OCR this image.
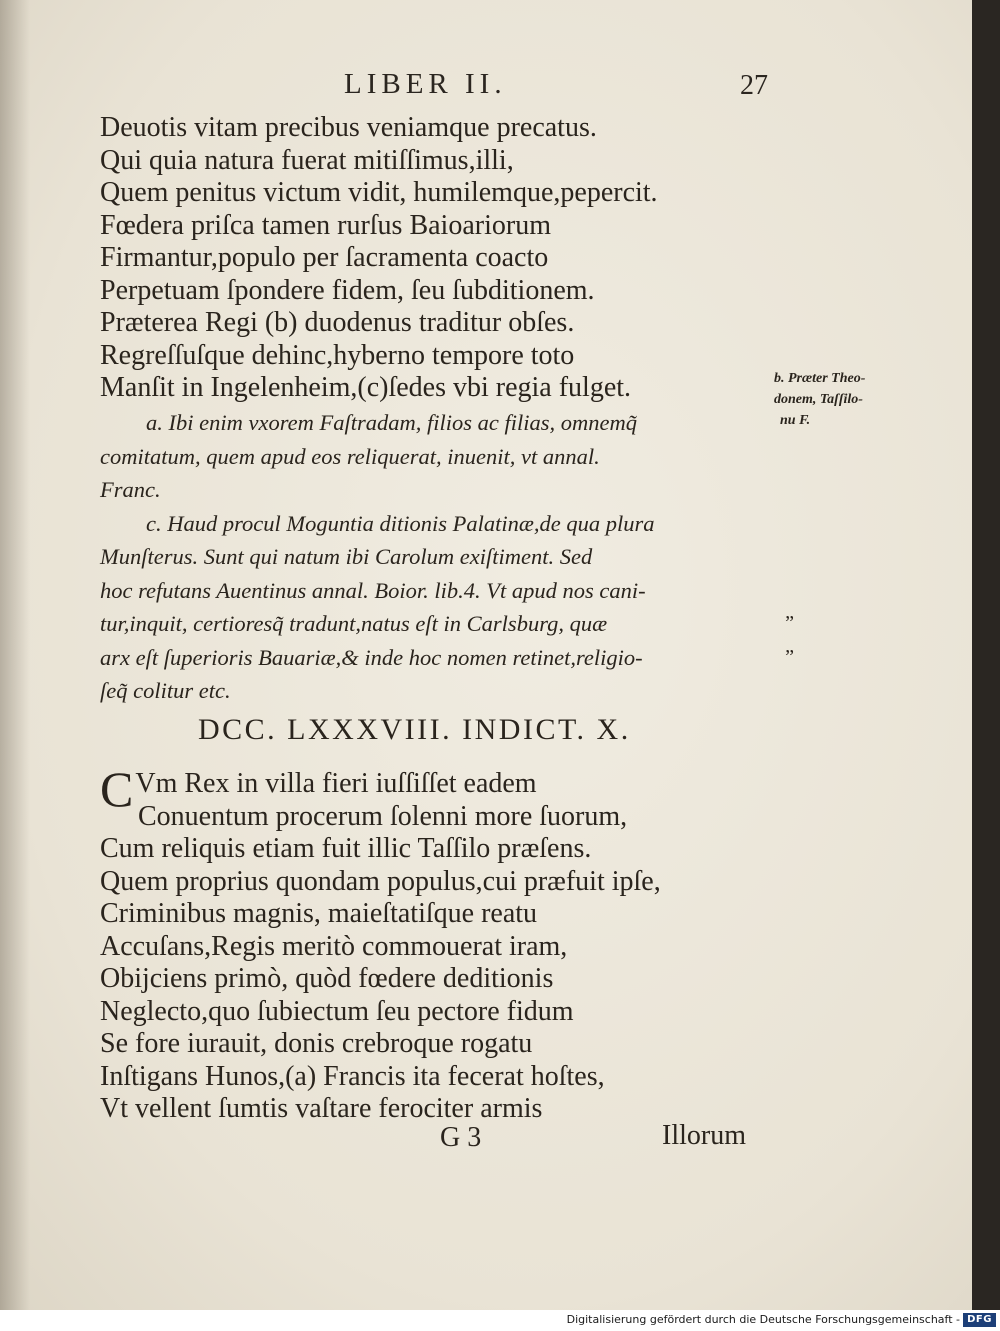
LIBER II.	27
Deuotis vitam precibus veniamque precatus.
Qui quia natura fuerat mitiſſimus,illi,
Quem penitus victum vidit, humilemque,pepercit.
Fœdera priſca tamen rurſus Baioariorum
Firmantur,populo per ſacramenta coacto
Perpetuam ſpondere fidem, ſeu ſubditionem.
Præterea Regi (b) duodenus traditur obſes.
Regreſſuſque dehinc,hyberno tempore toto
Manſit in Ingelenheim,(c)ſedes vbi regia fulget.	b. Præter Theo-
donem, Taſſilo-
nu F.
a. Ibi enim vxorem Faſtradam, filios ac filias, omnemq̃
comitatum, quem apud eos reliquerat, inuenit, vt annal.
Franc.
c. Haud procul Moguntia ditionis Palatinæ,de qua plura
Munſterus. Sunt qui natum ibi Carolum exiſtiment. Sed
hoc refutans Auentinus annal. Boior. lib.4. Vt apud nos cani-
tur,inquit, certioresq̃ tradunt,natus eſt in Carlsburg, quæ	”
arx eſt ſuperioris Bauariæ,& inde hoc nomen retinet,religio-	”
ſeq̃ colitur etc.
DCC. LXXXVIII. INDICT. X.
CVm Rex in villa fieri iuſſiſſet eadem
Conuentum procerum ſolenni more ſuorum,
Cum reliquis etiam fuit illic Taſſilo præſens.
Quem proprius quondam populus,cui præfuit ipſe,
Criminibus magnis, maieſtatiſque reatu
Accuſans,Regis meritò commouerat iram,
Obijciens primò, quòd fœdere deditionis
Neglecto,quo ſubiectum ſeu pectore fidum
Se fore iurauit, donis crebroque rogatu
Inſtigans Hunos,(a) Francis ita fecerat hoſtes,
Vt vellent ſumtis vaſtare ferociter armis
G 3	Illorum
Digitalisierung gefördert durch die Deutsche Forschungsgemeinschaft - DFG
